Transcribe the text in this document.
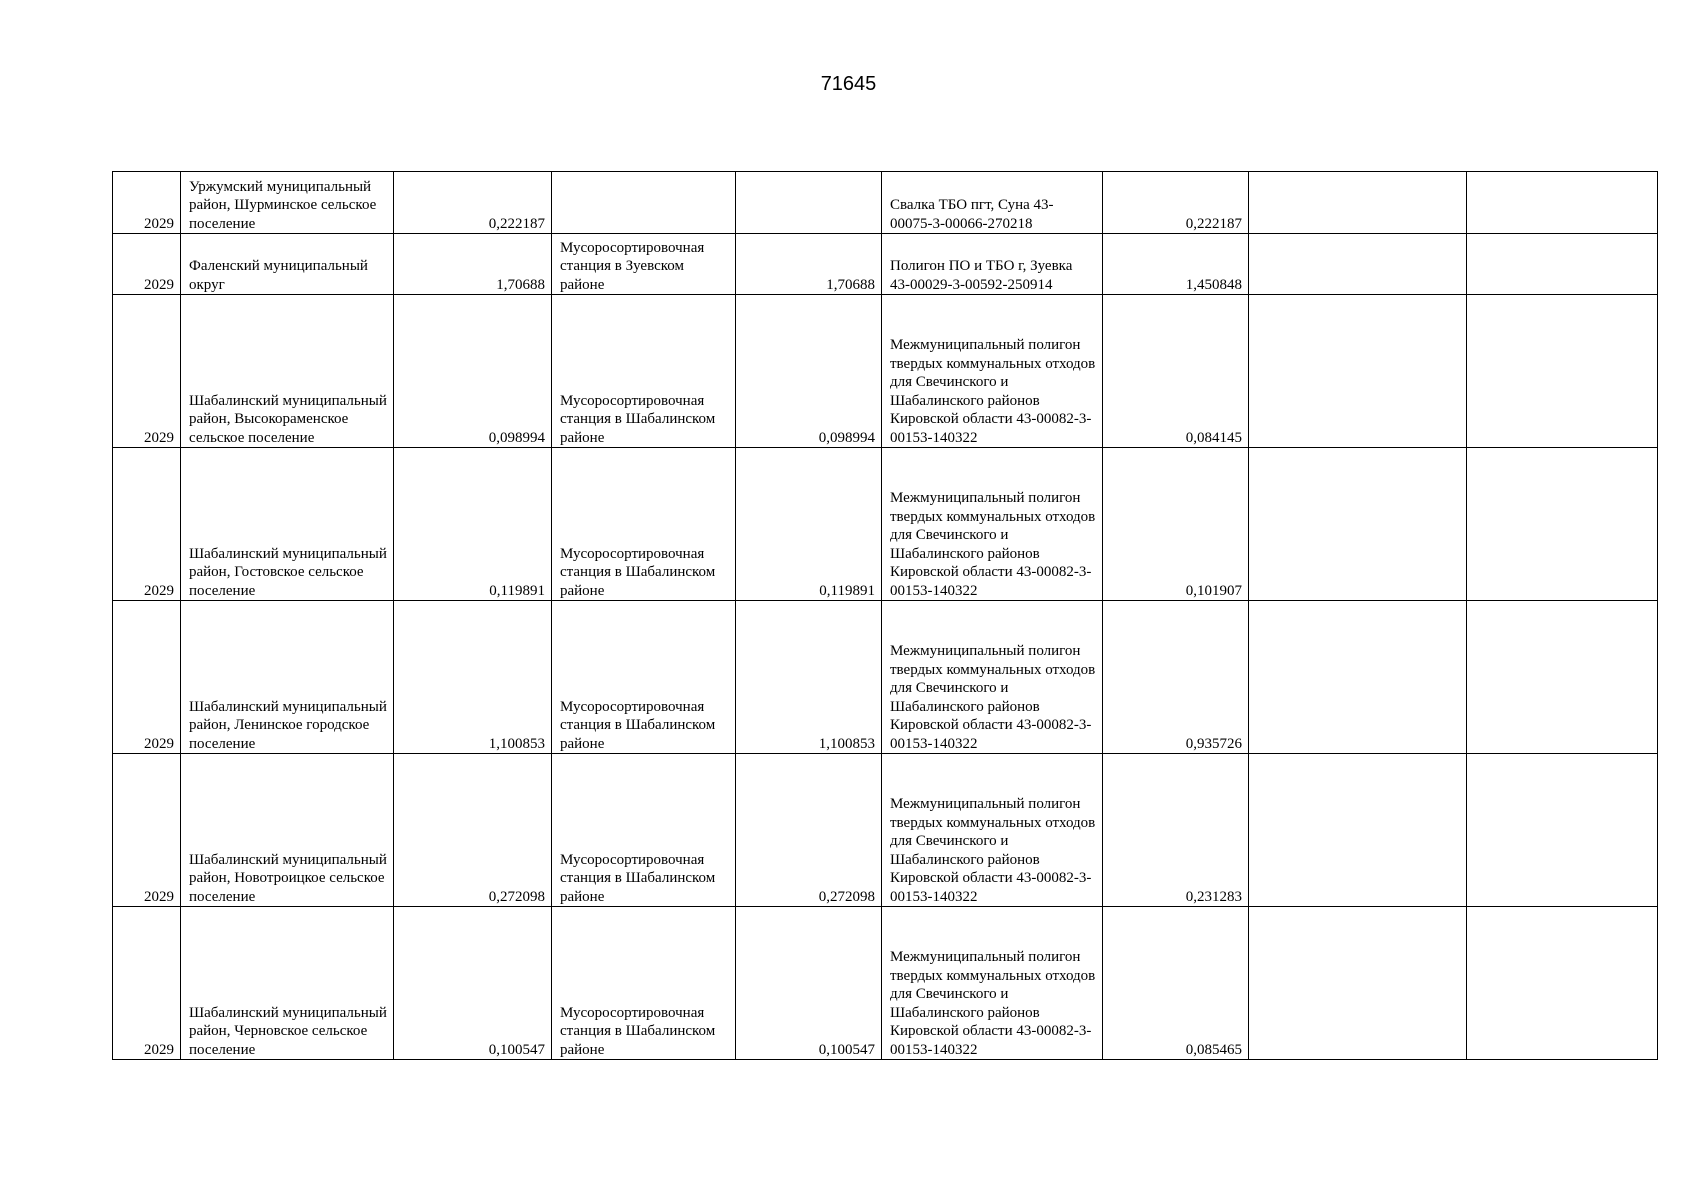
71645
2029	Уржумский муниципальный район, Шурминское сельское поселение	0,222187			Свалка ТБО пгт, Суна 43-00075-3-00066-270218	0,222187		
2029	Фаленский муниципальный округ	1,70688	Мусоросортировочная станция в Зуевском районе	1,70688	Полигон ПО и ТБО г, Зуевка 43-00029-3-00592-250914	1,450848		
2029	Шабалинский муниципальный район, Высокораменское сельское поселение	0,098994	Мусоросортировочная станция в Шабалинском районе	0,098994	Межмуниципальный полигон твердых коммунальных отходов для Свечинского и Шабалинского районов Кировской области 43-00082-3-00153-140322	0,084145		
2029	Шабалинский муниципальный район, Гостовское сельское поселение	0,119891	Мусоросортировочная станция в Шабалинском районе	0,119891	Межмуниципальный полигон твердых коммунальных отходов для Свечинского и Шабалинского районов Кировской области 43-00082-3-00153-140322	0,101907		
2029	Шабалинский муниципальный район, Ленинское городское поселение	1,100853	Мусоросортировочная станция в Шабалинском районе	1,100853	Межмуниципальный полигон твердых коммунальных отходов для Свечинского и Шабалинского районов Кировской области 43-00082-3-00153-140322	0,935726		
2029	Шабалинский муниципальный район, Новотроицкое сельское поселение	0,272098	Мусоросортировочная станция в Шабалинском районе	0,272098	Межмуниципальный полигон твердых коммунальных отходов для Свечинского и Шабалинского районов Кировской области 43-00082-3-00153-140322	0,231283		
2029	Шабалинский муниципальный район, Черновское сельское поселение	0,100547	Мусоросортировочная станция в Шабалинском районе	0,100547	Межмуниципальный полигон твердых коммунальных отходов для Свечинского и Шабалинского районов Кировской области 43-00082-3-00153-140322	0,085465		
